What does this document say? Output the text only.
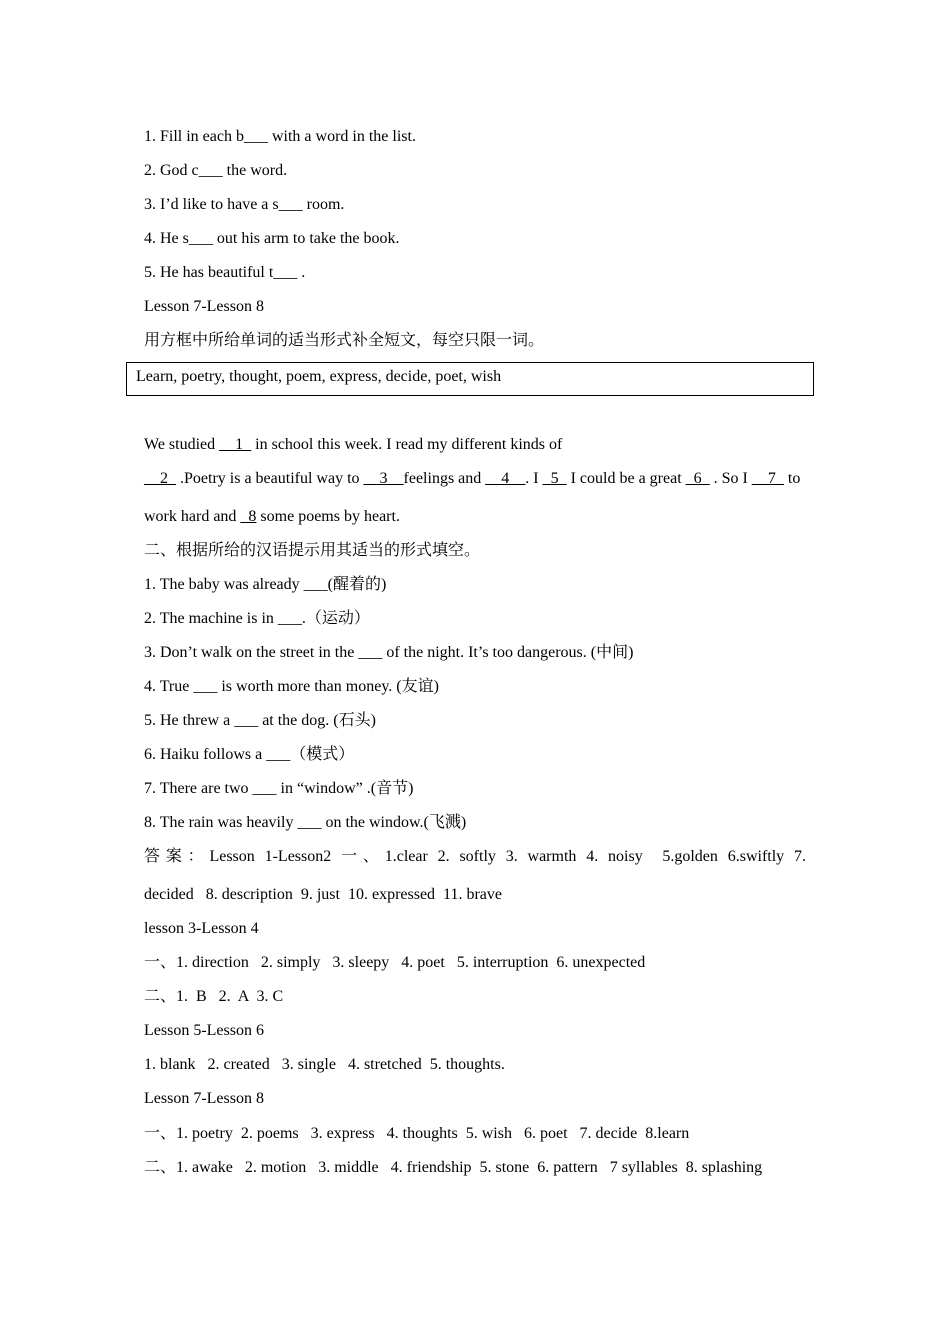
1. Fill in each b___ with a word in the list.
2. God c___ the word.
3. I’d like to have a s___ room.
4. He s___ out his arm to take the book.
5. He has beautiful t___ .
Lesson 7-Lesson 8
用方框中所给单词的适当形式补全短文，每空只限一词。
Learn, poetry, thought, poem, express, decide, poet, wish
We studied __1_ in school this week. I read my different kinds of
__2_ .Poetry is a beautiful way to __3__feelings and __4__. I _5_ I could be a great _6_ . So I __7_ to
work hard and _8 some poems by heart.
二、根据所给的汉语提示用其适当的形式填空。
1. The baby was already ___(醒着的)
2. The machine is in ___.（运动）
3. Don’t walk on the street in the ___ of the night. It’s too dangerous. (中间)
4. True ___ is worth more than money. (友谊)
5. He threw a ___ at the dog. (石头)
6. Haiku follows a ___（模式）
7. There are two ___ in “window” .(音节)
8. The rain was heavily ___ on the window.(飞溅)
答案：Lesson 1-Lesson2 一、1.clear 2. softly 3. warmth 4. noisy  5.golden 6.swiftly 7.
decided   8. description  9. just  10. expressed  11. brave
lesson 3-Lesson 4
一、1. direction   2. simply   3. sleepy   4. poet   5. interruption  6. unexpected
二、1.  B   2.  A  3. C
Lesson 5-Lesson 6
1. blank   2. created   3. single   4. stretched  5. thoughts.
Lesson 7-Lesson 8
一、1. poetry  2. poems   3. express   4. thoughts  5. wish   6. poet   7. decide  8.learn
二、1. awake   2. motion   3. middle   4. friendship  5. stone  6. pattern   7 syllables  8. splashing
